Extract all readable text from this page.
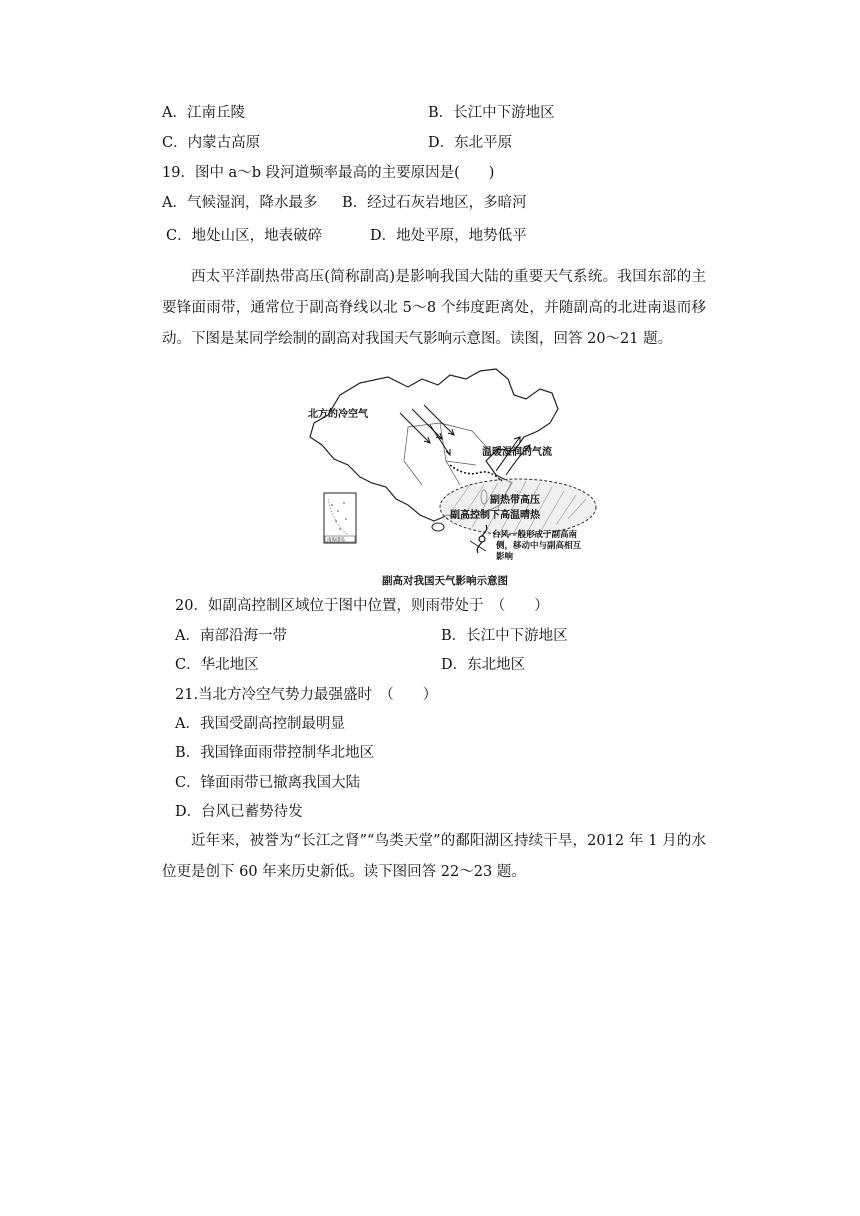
A．江南丘陵	B．长江中下游地区
C．内蒙古高原	D．东北平原
19．图中 a～b 段河道频率最高的主要原因是(　　)
A．气候湿润，降水最多 B．经过石灰岩地区，多暗河
C．地处山区，地表破碎	D．地处平原，地势低平
西太平洋副热带高压(简称副高)是影响我国大陆的重要天气系统。我国东部的主要锋面雨带，通常位于副高脊线以北 5～8 个纬度距离处，并随副高的北进南退而移动。下图是某同学绘制的副高对我国天气影响示意图。读图，回答 20～21 题。
北方的冷空气
温暖湿润的气流
副热带高压
副高控制下高温晴热
台风一般形成于副高南
侧，移动中与副高相互
影响
南海诸岛
副高对我国天气影响示意图
20．如副高控制区域位于图中位置，则雨带处于　（　　）
A．南部沿海一带	B．长江中下游地区
C．华北地区	D．东北地区
21.当北方冷空气势力最强盛时　（　　）
A．我国受副高控制最明显
B．我国锋面雨带控制华北地区
C．锋面雨带已撤离我国大陆
D．台风已蓄势待发
近年来，被誉为“长江之肾”“鸟类天堂”的鄱阳湖区持续干旱，2012 年 1 月的水位更是创下 60 年来历史新低。读下图回答 22～23 题。
